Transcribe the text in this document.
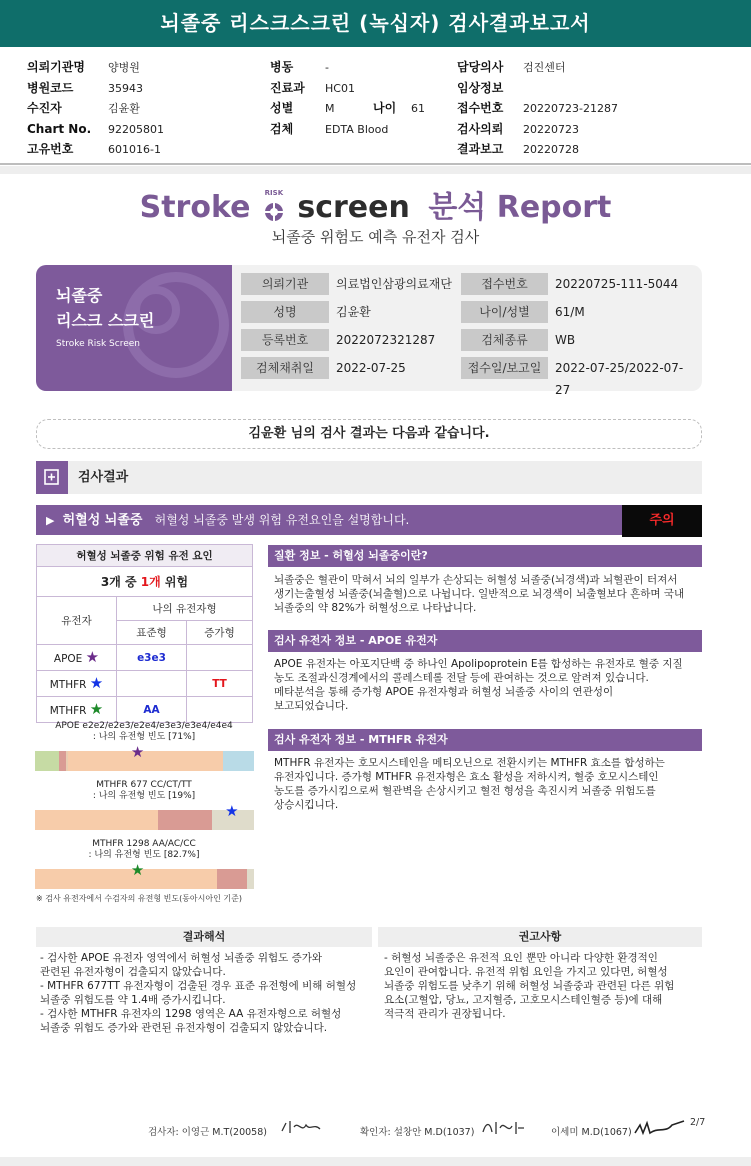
뇌졸중 리스크스크린 (녹십자) 검사결과보고서
의뢰기관명 양병원
병원코드	35943
수진자	김윤환
Chart No. 92205801
고유번호	601016-1
병동	-
진료과 HC01
성별	M	나이 61
검체	EDTA Blood
담당의사 검진센터
임상정보
접수번호 20220723-21287
검사의뢰 20220723
결과보고 20220728
Stroke	RISK screen 분석 Report
뇌졸중 위험도 예측 유전자 검사
뇌졸중
리스크 스크린
Stroke Risk Screen
의뢰기관	의료법인삼광의료재단	접수번호	20220725-111-5044
성명	김윤환	나이/성별	61/M
등록번호	2022072321287	검체종류	WB
검체채취일	2022-07-25	접수일/보고일	2022-07-25/2022-07-27
김윤환 님의 검사 결과는 다음과 같습니다.
검사결과
▶ 허혈성 뇌졸중 허혈성 뇌졸중 발생 위험 유전요인을 설명합니다.	주의
허혈성 뇌졸중 위험 유전 요인		
3개 중 1개 위험		
유전자	나의 유전자형	
	표준형	증가형
APOE ★	e3e3	
MTHFR ★		TT
MTHFR ★	AA	
APOE e2e2/e2e3/e2e4/e3e3/e3e4/e4e4
: 나의 유전형 빈도 [71%]
★
MTHFR 677 CC/CT/TT
: 나의 유전형 빈도 [19%]
★
MTHFR 1298 AA/AC/CC
: 나의 유전형 빈도 [82.7%]
★
※ 검사 유전자에서 수검자의 유전형 빈도(동아시아인 기준)
질환 정보 - 허혈성 뇌졸중이란?
뇌졸중은 혈관이 막혀서 뇌의 일부가 손상되는 허혈성 뇌졸중(뇌경색)과 뇌혈관이 터져서
생기는출혈성 뇌졸중(뇌출혈)으로 나뉩니다. 일반적으로 뇌경색이 뇌출혈보다 흔하며 국내
뇌졸중의 약 82%가 허혈성으로 나타납니다.
검사 유전자 정보 - APOE 유전자
APOE 유전자는 아포지단백 중 하나인 Apolipoprotein E를 합성하는 유전자로 혈중 지질
농도 조절과신경계에서의 콜레스테롤 전달 등에 관여하는 것으로 알려져 있습니다.
메타분석을 통해 증가형 APOE 유전자형과 허혈성 뇌졸중 사이의 연관성이
보고되었습니다.
검사 유전자 정보 - MTHFR 유전자
MTHFR 유전자는 호모시스테인을 메티오닌으로 전환시키는 MTHFR 효소를 합성하는
유전자입니다. 증가형 MTHFR 유전자형은 효소 활성을 저하시켜, 혈중 호모시스테인
농도를 증가시킴으로써 혈관벽을 손상시키고 혈전 형성을 촉진시켜 뇌졸중 위험도를
상승시킵니다.
결과해석
- 검사한 APOE 유전자 영역에서 허혈성 뇌졸중 위험도 증가와
관련된 유전자형이 검출되지 않았습니다.
- MTHFR 677TT 유전자형이 검출된 경우 표준 유전형에 비해 허혈성
뇌졸중 위험도를 약 1.4배 증가시킵니다.
- 검사한 MTHFR 유전자의 1298 영역은 AA 유전자형으로 허혈성
뇌졸중 위험도 증가와 관련된 유전자형이 검출되지 않았습니다.
권고사항
- 허혈성 뇌졸중은 유전적 요인 뿐만 아니라 다양한 환경적인
요인이 관여합니다. 유전적 위험 요인을 가지고 있다면, 허혈성
뇌졸중 위험도를 낮추기 위해 허혈성 뇌졸중과 관련된 다른 위험
요소(고혈압, 당뇨, 고지혈증, 고호모시스테인혈증 등)에 대해
적극적 관리가 권장됩니다.
검사자: 이영근 M.T(20058)	확인자: 설창안 M.D(1037)	이세미 M.D(1067)
2/7
